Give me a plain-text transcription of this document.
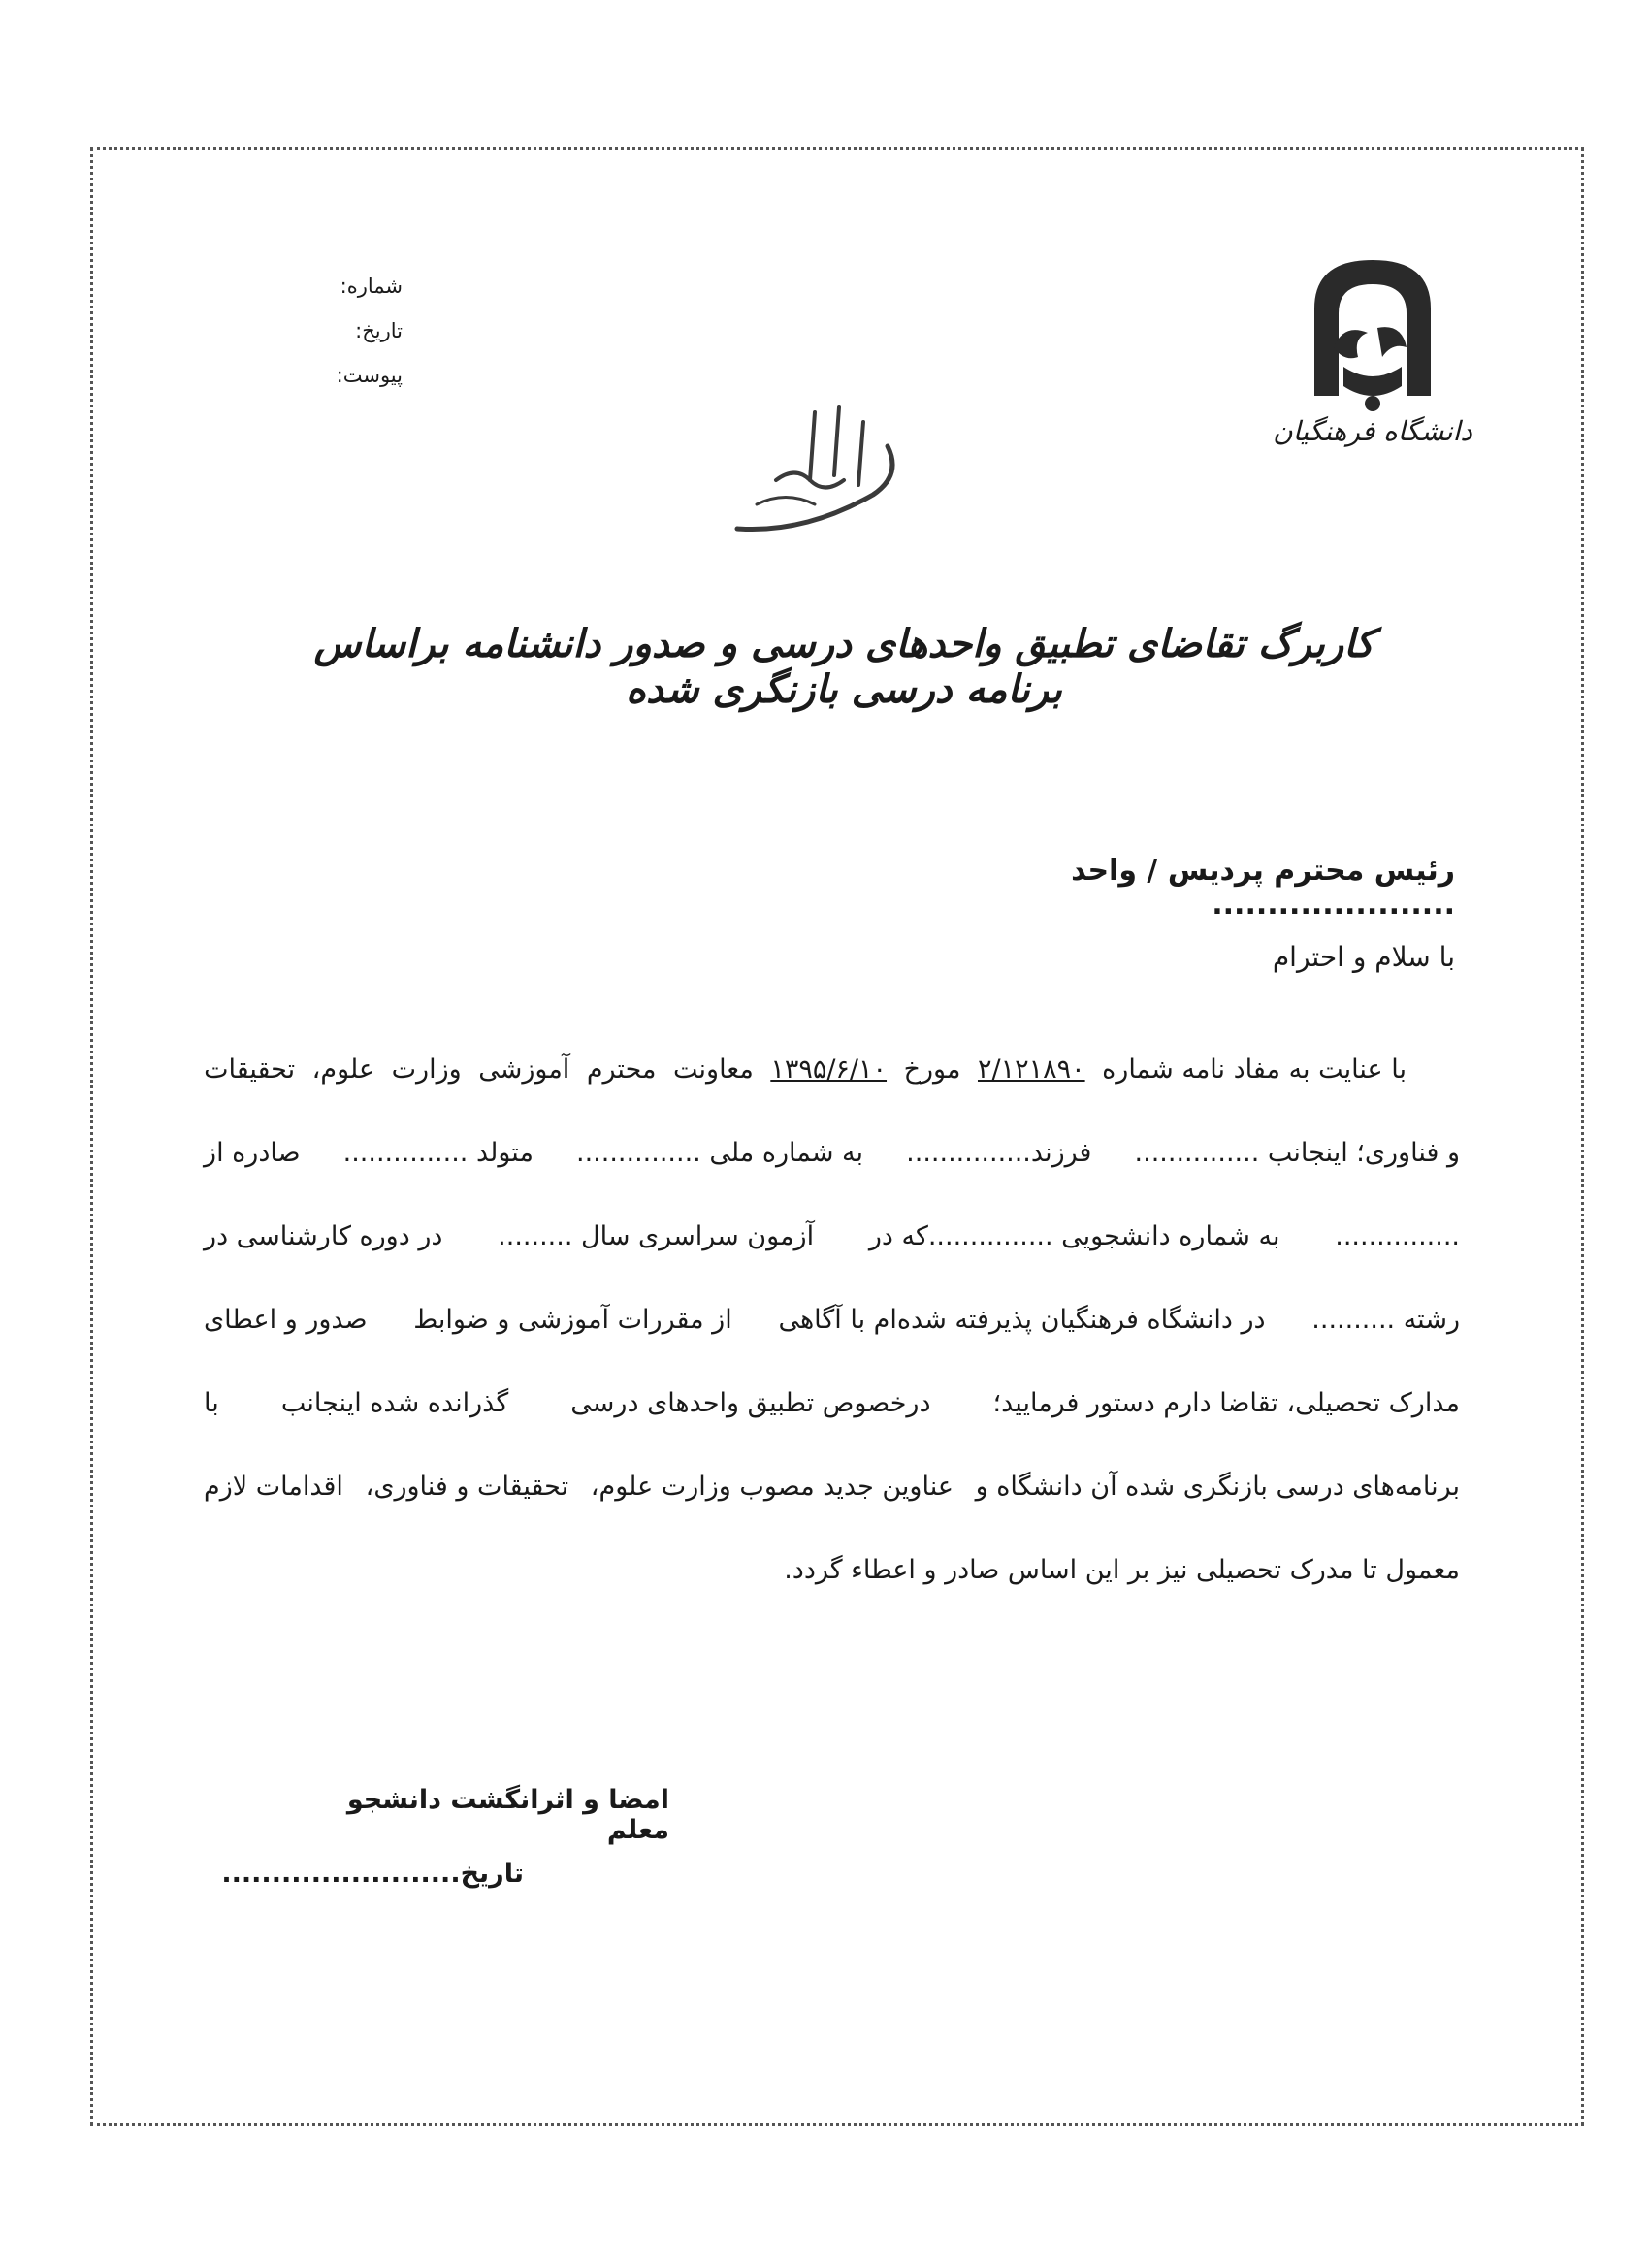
شماره:
تاریخ:
پیوست:
دانشگاه فرهنگیان
کاربرگ تقاضای تطبیق واحدهای درسی و صدور دانشنامه براساس برنامه درسی بازنگری شده
رئیس محترم پردیس / واحد ......................
با سلام و احترام
با عنایت به مفاد نامه شماره
۲/۱۲۱۸۹۰
مورخ
۱۳۹۵/۶/۱۰
معاونت
محترم
آموزشی
وزارت
علوم،
تحقیقات
و فناوری؛ اینجانب ...............
فرزند...............
به شماره ملی ...............
متولد ...............
صادره از
...............
به شماره دانشجویی ...............که در
آزمون سراسری سال .........
در دوره کارشناسی در
رشته ..........
در دانشگاه فرهنگیان پذیرفته شده‌ام با آگاهی
از مقررات آموزشی و ضوابط
صدور و اعطای
مدارک تحصیلی، تقاضا دارم دستور فرمایید؛
درخصوص تطبیق واحدهای درسی
گذرانده شده اینجانب
با
برنامه‌های درسی بازنگری شده آن دانشگاه و
عناوین جدید مصوب وزارت علوم،
تحقیقات و فناوری،
اقدامات لازم
معمول تا مدرک تحصیلی نیز بر این اساس صادر و اعطاء گردد.
امضا و اثرانگشت دانشجو معلم
تاریخ........................
